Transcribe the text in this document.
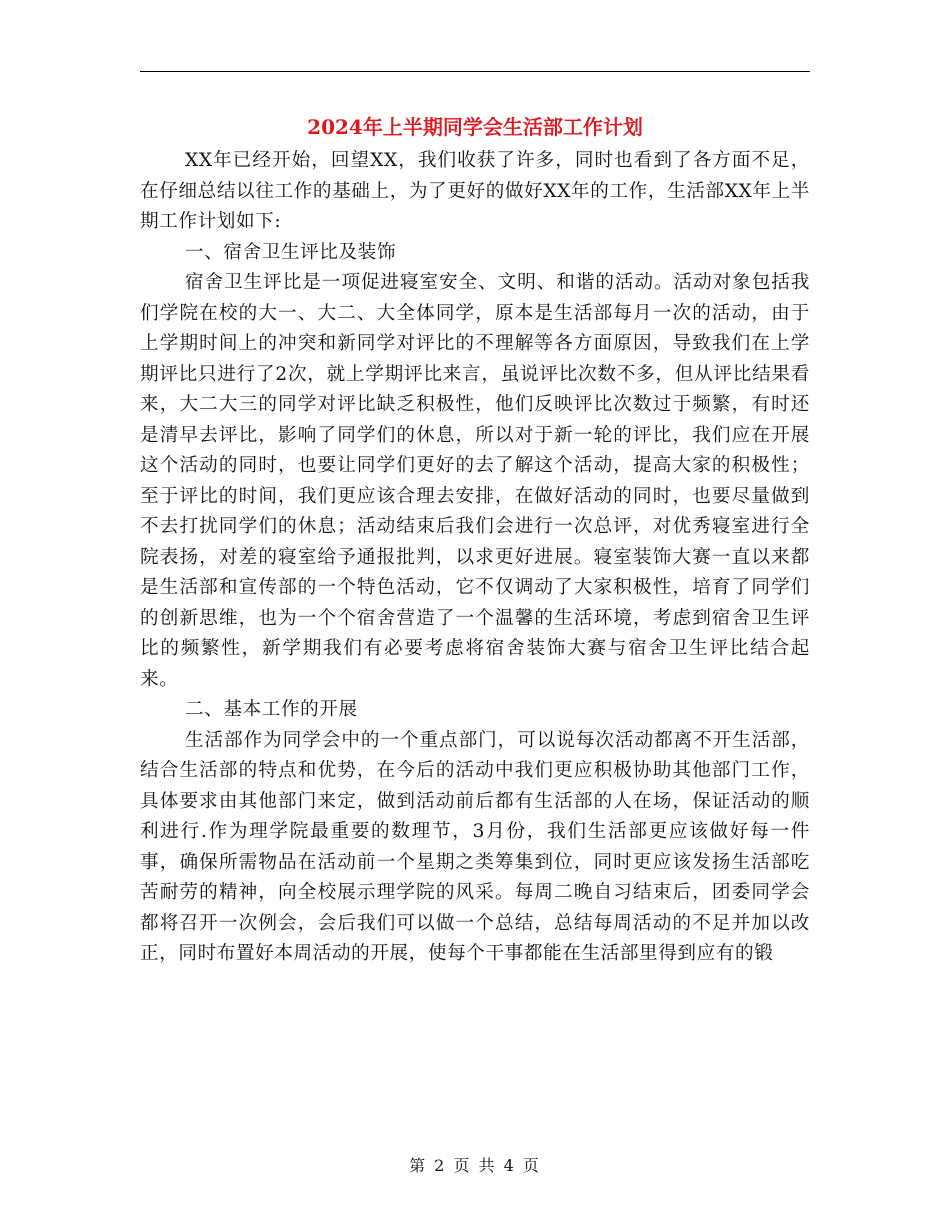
2024年上半期同学会生活部工作计划

XX年已经开始，回望XX，我们收获了许多，同时也看到了各方面不足，在仔细总结以往工作的基础上，为了更好的做好XX年的工作，生活部XX年上半期工作计划如下:

一、宿舍卫生评比及装饰

宿舍卫生评比是一项促进寝室安全、文明、和谐的活动。活动对象包括我们学院在校的大一、大二、大全体同学，原本是生活部每月一次的活动，由于上学期时间上的冲突和新同学对评比的不理解等各方面原因，导致我们在上学期评比只进行了2次，就上学期评比来言，虽说评比次数不多，但从评比结果看来，大二大三的同学对评比缺乏积极性，他们反映评比次数过于频繁，有时还是清早去评比，影响了同学们的休息，所以对于新一轮的评比，我们应在开展这个活动的同时，也要让同学们更好的去了解这个活动，提高大家的积极性；至于评比的时间，我们更应该合理去安排，在做好活动的同时，也要尽量做到不去打扰同学们的休息；活动结束后我们会进行一次总评，对优秀寝室进行全院表扬，对差的寝室给予通报批判，以求更好进展。寝室装饰大赛一直以来都是生活部和宣传部的一个特色活动，它不仅调动了大家积极性，培育了同学们的创新思维，也为一个个宿舍营造了一个温馨的生活环境，考虑到宿舍卫生评比的频繁性，新学期我们有必要考虑将宿舍装饰大赛与宿舍卫生评比结合起来。

二、基本工作的开展

生活部作为同学会中的一个重点部门，可以说每次活动都离不开生活部，结合生活部的特点和优势，在今后的活动中我们更应积极协助其他部门工作，具体要求由其他部门来定，做到活动前后都有生活部的人在场，保证活动的顺利进行.作为理学院最重要的数理节，3月份，我们生活部更应该做好每一件事，确保所需物品在活动前一个星期之类筹集到位，同时更应该发扬生活部吃苦耐劳的精神，向全校展示理学院的风采。每周二晚自习结束后，团委同学会都将召开一次例会，会后我们可以做一个总结，总结每周活动的不足并加以改正，同时布置好本周活动的开展，使每个干事都能在生活部里得到应有的锻

第 2 页 共 4 页
